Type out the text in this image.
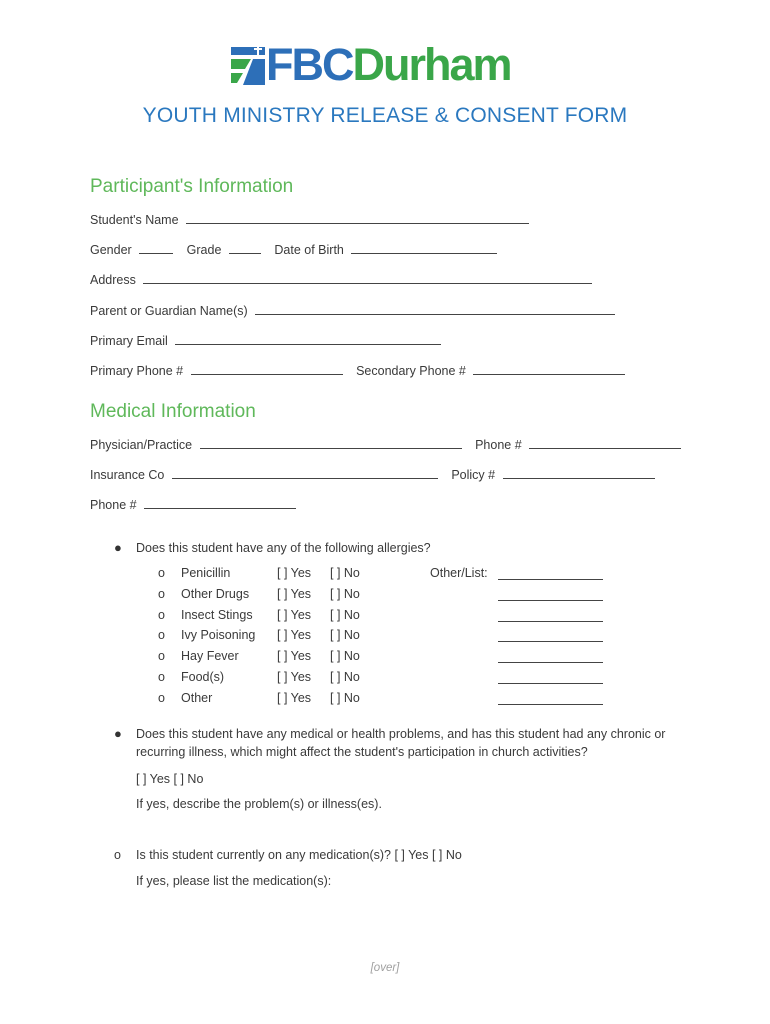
FBCDurham
YOUTH MINISTRY RELEASE & CONSENT FORM
Participant's Information
Student's Name
Gender	Grade	Date of Birth
Address
Parent or Guardian Name(s)
Primary Email
Primary Phone #	Secondary Phone #
Medical Information
Physician/Practice	Phone #
Insurance Co	Policy #
Phone #
● Does this student have any of the following allergies?
o Penicillin	[ ] Yes [ ] No
o Other Drugs [ ] Yes [ ] No
o Insect Stings [ ] Yes [ ] No
o Ivy Poisoning [ ] Yes [ ] No
o Hay Fever	[ ] Yes [ ] No
o Food(s)	[ ] Yes [ ] No
o Other	[ ] Yes [ ] No
Other/List:
● Does this student have any medical or health problems, and has this student had any chronic or
recurring illness, which might affect the student's participation in church activities?
[ ] Yes [ ] No
If yes, describe the problem(s) or illness(es).
o Is this student currently on any medication(s)? [ ] Yes [ ] No
If yes, please list the medication(s):
[over]
